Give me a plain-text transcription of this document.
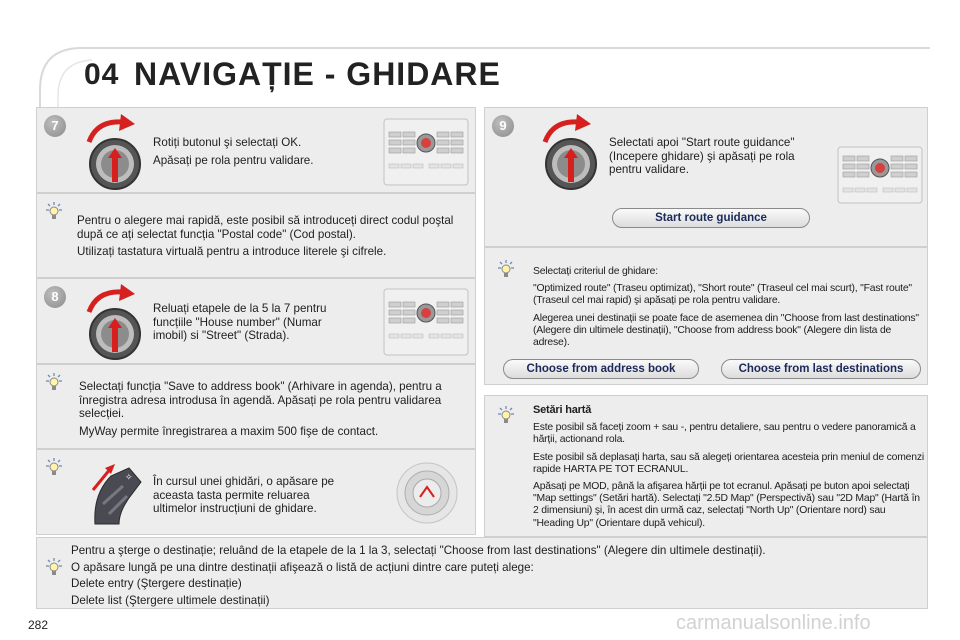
04 NAVIGAȚIE - GHIDARE
7

Rotiți butonul şi selectați OK.

Apăsați pe rola pentru validare.

Pentru o alegere mai rapidă, este posibil să introduceți direct codul poştal după ce ați selectat funcția "Postal code" (Cod postal).

Utilizați tastatura virtuală pentru a introduce literele şi cifrele.

8
Reluați etapele de la 5 la 7 pentru funcțiile "House number" (Numar imobil) si "Street" (Strada).

Selectați funcția "Save to address book" (Arhivare in agenda), pentru a înregistra adresa introdusa în agendă. Apăsați pe rola pentru validarea selecției.

MyWay permite înregistrarea a maxim 500 fişe de contact.

✧ În cursul unei ghidări, o apăsare pe aceasta tasta permite reluarea ultimelor instrucțiuni de ghidare.

Pentru a şterge o destinație; reluând de la etapele de la 1 la 3, selectați "Choose from last destinations" (Alegere din ultimele destinații).

O apăsare lungă pe una dintre destinații afişează o listă de acțiuni dintre care puteți alege:

Delete entry (Ştergere destinație)

Delete list (Ştergere ultimele destinații)

9
Selectati apoi "Start route guidance" (Incepere ghidare) şi apăsați pe rola pentru validare.
Start route guidance

Selectați criteriul de ghidare:

"Optimized route" (Traseu optimizat), "Short route" (Traseul cel mai scurt), "Fast route" (Traseul cel mai rapid) şi apăsați pe rola pentru validare.

Alegerea unei destinații se poate face de asemenea din "Choose from last destinations" (Alegere din ultimele destinații), "Choose from address book" (Alegere din lista de adrese).

Choose from address book	Choose from last destinations

Setări hartă

Este posibil să faceți zoom + sau -, pentru detaliere, sau pentru o vedere panoramică a hărții, actionand rola.

Este posibil să deplasați harta, sau să alegeți orientarea acesteia prin meniul de comenzi rapide HARTA PE TOT ECRANUL.

Apăsați pe MOD, până la afişarea hărții pe tot ecranul. Apăsați pe buton apoi selectați "Map settings" (Setări hartă). Selectați "2.5D Map" (Perspectivă) sau "2D Map" (Hartă în 2 dimensiuni) şi, în acest din urmă caz, selectați "North Up" (Orientare nord) sau "Heading Up" (Orientare după vehicul).

282	carmanualsonline.info
